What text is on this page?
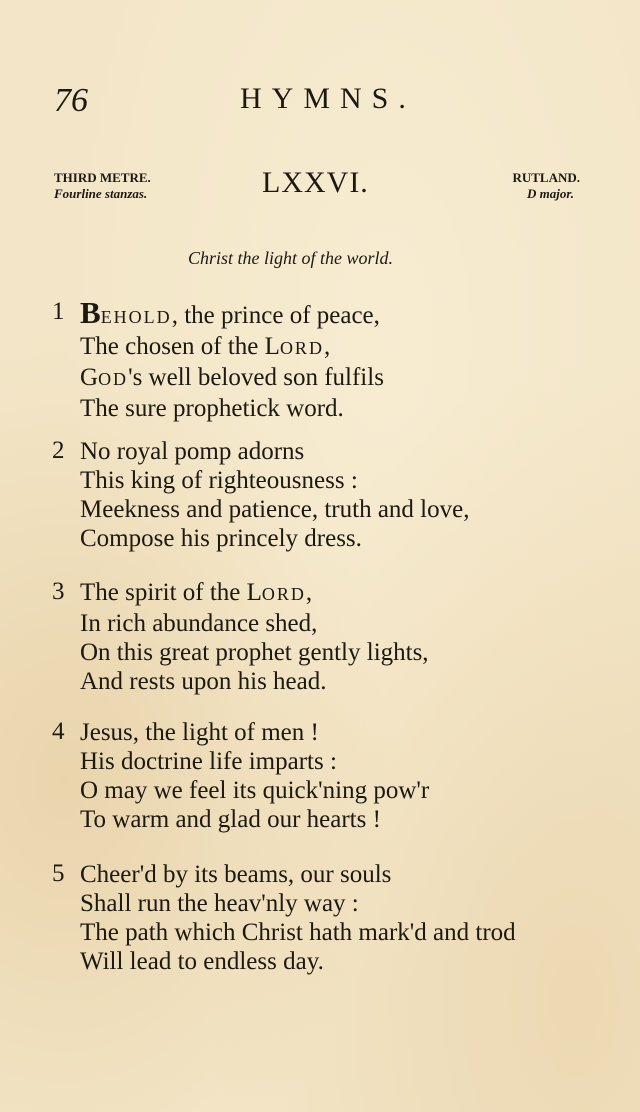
76	HYMNS.
THIRD METRE.
Fourline stanzas.	LXXVI.	RUTLAND.
D major.
Christ the light of the world.
1 BEHOLD, the prince of peace,
The chosen of the LORD,
GOD's well beloved son fulfils
The sure prophetick word.
2 No royal pomp adorns
This king of righteousness :
Meekness and patience, truth and love,
Compose his princely dress.
3 The spirit of the LORD,
In rich abundance shed,
On this great prophet gently lights,
And rests upon his head.
4 Jesus, the light of men !
His doctrine life imparts :
O may we feel its quick'ning pow'r
To warm and glad our hearts !
5 Cheer'd by its beams, our souls
Shall run the heav'nly way :
The path which Christ hath mark'd and trod
Will lead to endless day.
